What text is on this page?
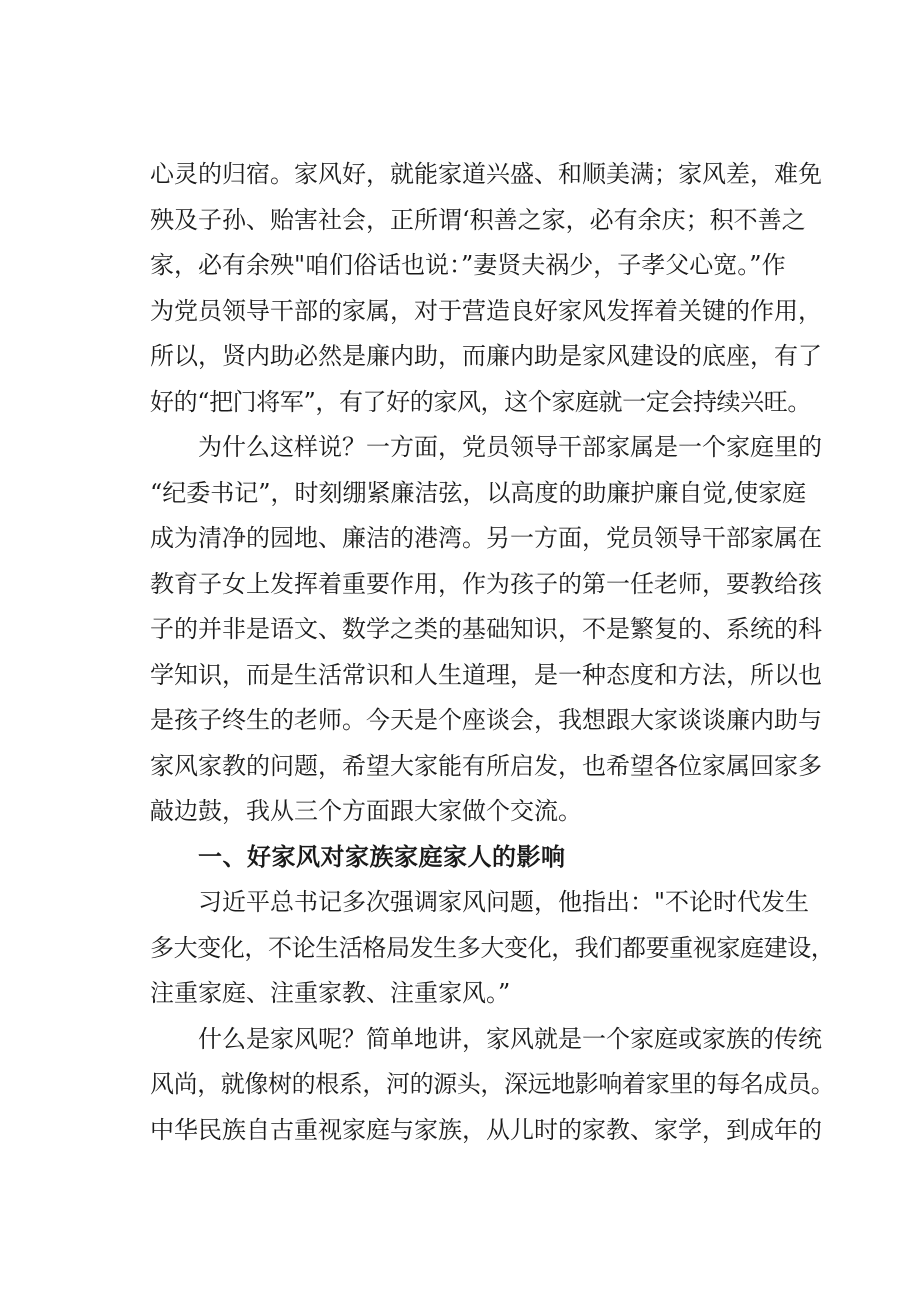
心灵的归宿。家风好，就能家道兴盛、和顺美满；家风差，难免
殃及子孙、贻害社会，正所谓‘积善之家，必有余庆；积不善之
家，必有余殃"咱们俗话也说：”妻贤夫祸少，子孝父心宽。”作
为党员领导干部的家属，对于营造良好家风发挥着关键的作用，
所以，贤内助必然是廉内助，而廉内助是家风建设的底座，有了
好的“把门将军”，有了好的家风，这个家庭就一定会持续兴旺。
为什么这样说？一方面，党员领导干部家属是一个家庭里的
“纪委书记”，时刻绷紧廉洁弦，以高度的助廉护廉自觉,使家庭
成为清净的园地、廉洁的港湾。另一方面，党员领导干部家属在
教育子女上发挥着重要作用，作为孩子的第一任老师，要教给孩
子的并非是语文、数学之类的基础知识，不是繁复的、系统的科
学知识，而是生活常识和人生道理，是一种态度和方法，所以也
是孩子终生的老师。今天是个座谈会，我想跟大家谈谈廉内助与
家风家教的问题，希望大家能有所启发，也希望各位家属回家多
敲边鼓，我从三个方面跟大家做个交流。
一、好家风对家族家庭家人的影响
习近平总书记多次强调家风问题，他指出："不论时代发生
多大变化，不论生活格局发生多大变化，我们都要重视家庭建设，
注重家庭、注重家教、注重家风。”
什么是家风呢？简单地讲，家风就是一个家庭或家族的传统
风尚，就像树的根系，河的源头，深远地影响着家里的每名成员。
中华民族自古重视家庭与家族，从儿时的家教、家学，到成年的
